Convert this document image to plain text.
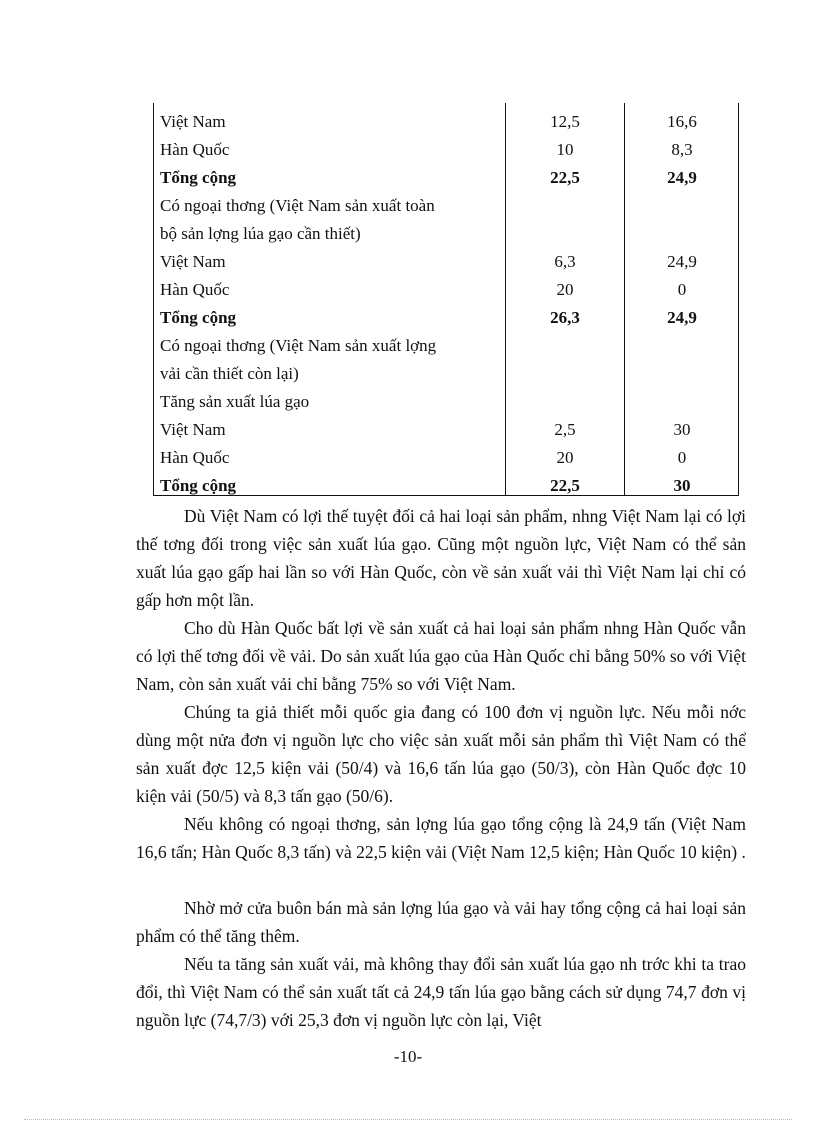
Việt Nam	12,5	16,6
Hàn Quốc	10	8,3
Tổng cộng	22,5	24,9
Có ngoại thơng (Việt Nam sản xuất toàn
bộ sản lợng lúa gạo cần thiết)
Việt Nam	6,3	24,9
Hàn Quốc	20	0
Tổng cộng	26,3	24,9
Có ngoại thơng (Việt Nam sản xuất lợng
vải cần thiết còn lại)
Tăng sản xuất lúa gạo
Việt Nam	2,5	30
Hàn Quốc	20	0
Tổng cộng	22,5	30

Dù Việt Nam có lợi thế tuyệt đối cả hai loại sản phẩm, nhng Việt Nam lại có lợi thế tơng đối trong việc sản xuất lúa gạo. Cũng một nguồn lực, Việt Nam có thể sản xuất lúa gạo gấp hai lần so với Hàn Quốc, còn về sản xuất vải thì Việt Nam lại chỉ có gấp hơn một lần.

Cho dù Hàn Quốc bất lợi về sản xuất cả hai loại sản phẩm nhng Hàn Quốc vẫn có lợi thế tơng đối về vải. Do sản xuất lúa gạo của Hàn Quốc chỉ bằng 50% so với Việt Nam, còn sản xuất vải chỉ bằng 75% so với Việt Nam.

Chúng ta giả thiết mỗi quốc gia đang có 100 đơn vị nguồn lực. Nếu mỗi nớc dùng một nửa đơn vị nguồn lực cho việc sản xuất mỗi sản phẩm thì Việt Nam có thể sản xuất đợc 12,5 kiện vải (50/4) và 16,6 tấn lúa gạo (50/3), còn Hàn Quốc đợc 10 kiện vải (50/5) và 8,3 tấn gạo (50/6).

Nếu không có ngoại thơng, sản lợng lúa gạo tổng cộng là 24,9 tấn (Việt Nam 16,6 tấn; Hàn Quốc 8,3 tấn) và 22,5 kiện vải (Việt Nam 12,5 kiện; Hàn Quốc 10 kiện) .

Nhờ mở cửa buôn bán mà sản lợng lúa gạo và vải hay tổng cộng cả hai loại sản phẩm có thể tăng thêm.

Nếu ta tăng sản xuất vải, mà không thay đổi sản xuất lúa gạo nh trớc khi ta trao đổi, thì Việt Nam có thể sản xuất tất cả 24,9 tấn lúa gạo bằng cách sử dụng 74,7 đơn vị nguồn lực (74,7/3) với 25,3 đơn vị nguồn lực còn lại, Việt

-10-
